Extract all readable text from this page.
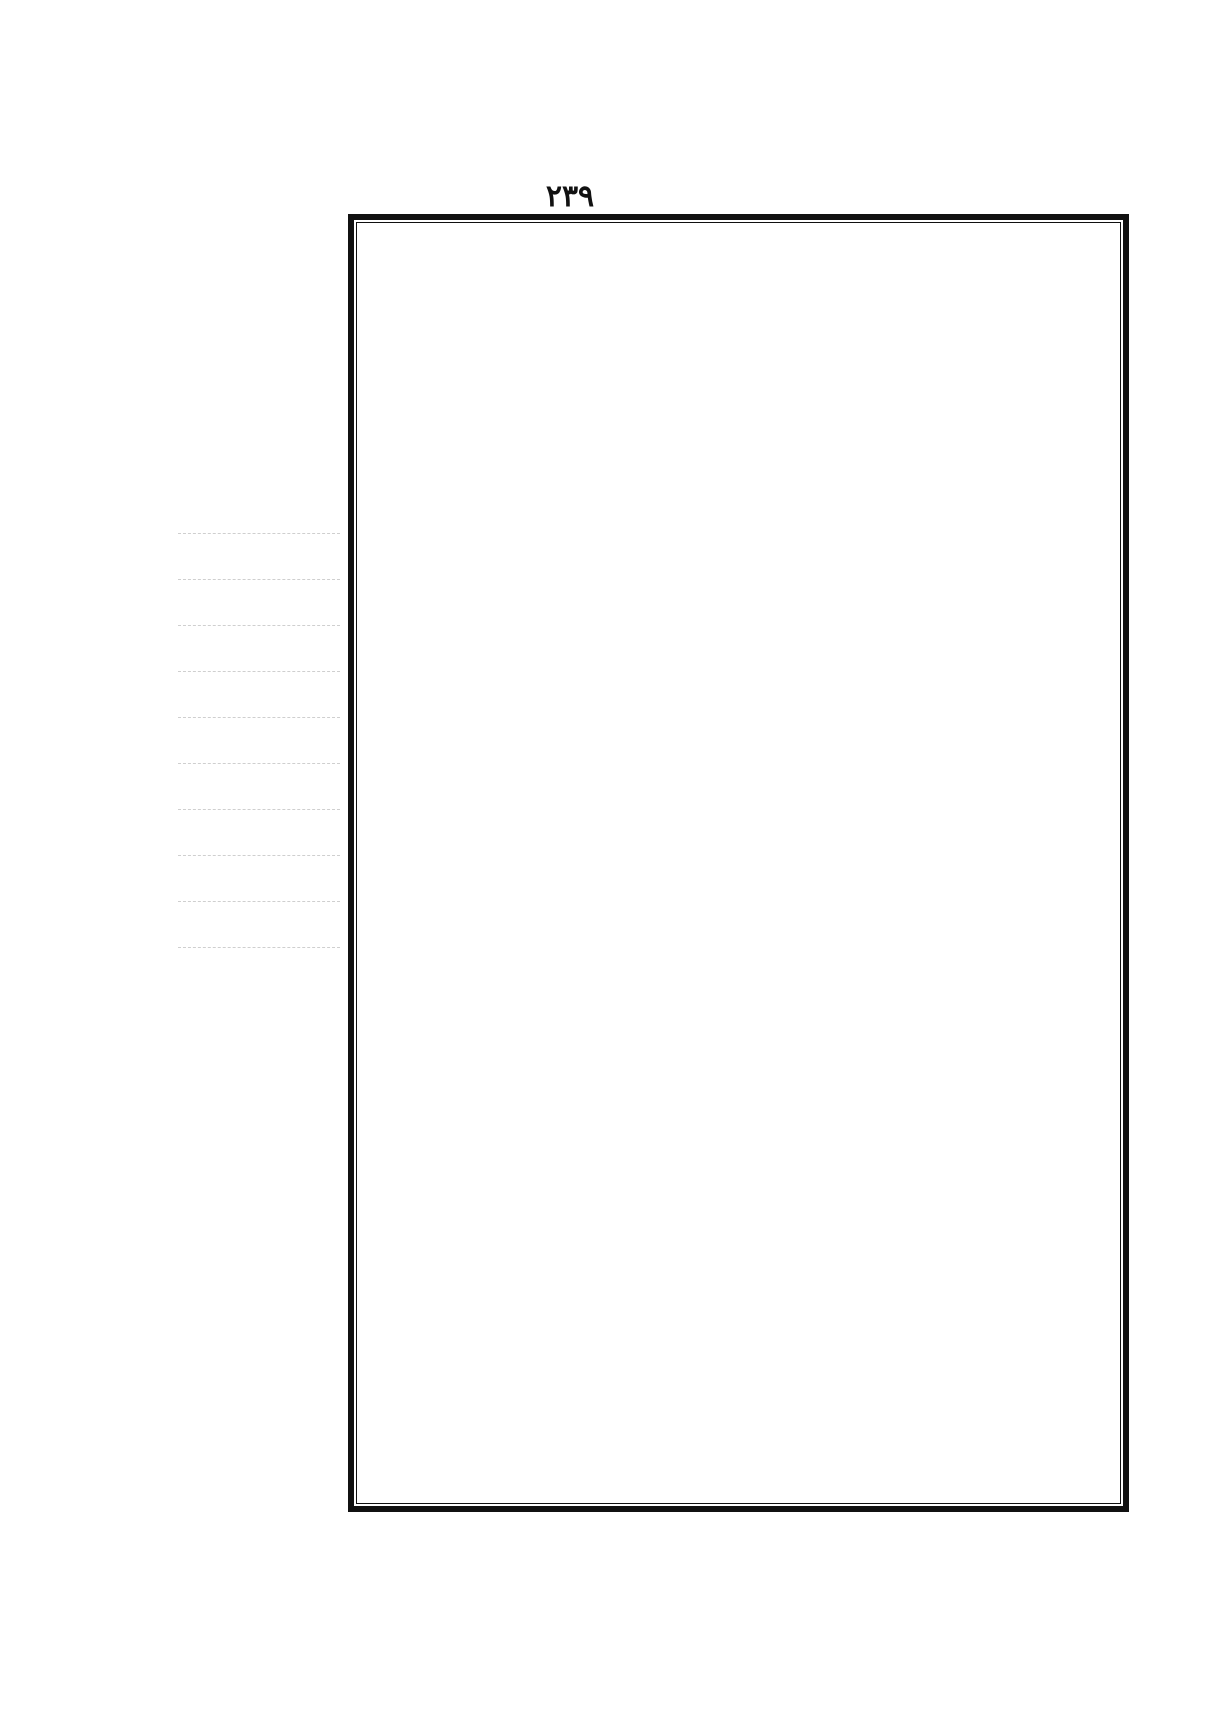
٢٣٩
